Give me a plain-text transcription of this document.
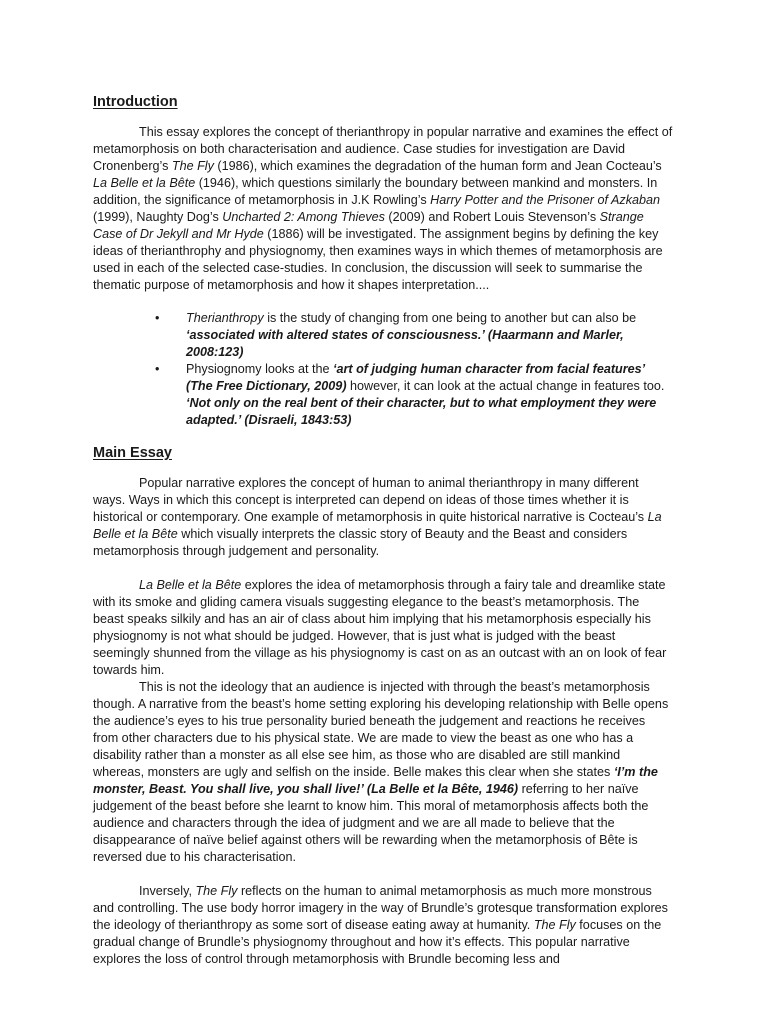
Introduction

This essay explores the concept of therianthropy in popular narrative and examines the effect of metamorphosis on both characterisation and audience. Case studies for investigation are David Cronenberg’s The Fly (1986), which examines the degradation of the human form and Jean Cocteau’s La Belle et la Bête (1946), which questions similarly the boundary between mankind and monsters. In addition, the significance of metamorphosis in J.K Rowling’s Harry Potter and the Prisoner of Azkaban (1999), Naughty Dog’s Uncharted 2: Among Thieves (2009) and Robert Louis Stevenson’s Strange Case of Dr Jekyll and Mr Hyde (1886) will be investigated. The assignment begins by defining the key ideas of therianthrophy and physiognomy, then examines ways in which themes of metamorphosis are used in each of the selected case-studies. In conclusion, the discussion will seek to summarise the thematic purpose of metamorphosis and how it shapes interpretation....

• Therianthropy is the study of changing from one being to another but can also be ‘associated with altered states of consciousness.’ (Haarmann and Marler, 2008:123)
• Physiognomy looks at the ‘art of judging human character from facial features’ (The Free Dictionary, 2009) however, it can look at the actual change in features too. ‘Not only on the real bent of their character, but to what employment they were adapted.’ (Disraeli, 1843:53)
Main Essay

Popular narrative explores the concept of human to animal therianthropy in many different ways. Ways in which this concept is interpreted can depend on ideas of those times whether it is historical or contemporary. One example of metamorphosis in quite historical narrative is Cocteau’s La Belle et la Bête which visually interprets the classic story of Beauty and the Beast and considers metamorphosis through judgement and personality.

La Belle et la Bête explores the idea of metamorphosis through a fairy tale and dreamlike state with its smoke and gliding camera visuals suggesting elegance to the beast’s metamorphosis. The beast speaks silkily and has an air of class about him implying that his metamorphosis especially his physiognomy is not what should be judged. However, that is just what is judged with the beast seemingly shunned from the village as his physiognomy is cast on as an outcast with an on look of fear towards him.

This is not the ideology that an audience is injected with through the beast’s metamorphosis though. A narrative from the beast’s home setting exploring his developing relationship with Belle opens the audience’s eyes to his true personality buried beneath the judgement and reactions he receives from other characters due to his physical state. We are made to view the beast as one who has a disability rather than a monster as all else see him, as those who are disabled are still mankind whereas, monsters are ugly and selfish on the inside. Belle makes this clear when she states ‘I’m the monster, Beast. You shall live, you shall live!’ (La Belle et la Bête, 1946) referring to her naïve judgement of the beast before she learnt to know him. This moral of metamorphosis affects both the audience and characters through the idea of judgment and we are all made to believe that the disappearance of naïve belief against others will be rewarding when the metamorphosis of Bête is reversed due to his characterisation.

Inversely, The Fly reflects on the human to animal metamorphosis as much more monstrous and controlling. The use body horror imagery in the way of Brundle’s grotesque transformation explores the ideology of therianthropy as some sort of disease eating away at humanity. The Fly focuses on the gradual change of Brundle’s physiognomy throughout and how it’s effects. This popular narrative explores the loss of control through metamorphosis with Brundle becoming less and
